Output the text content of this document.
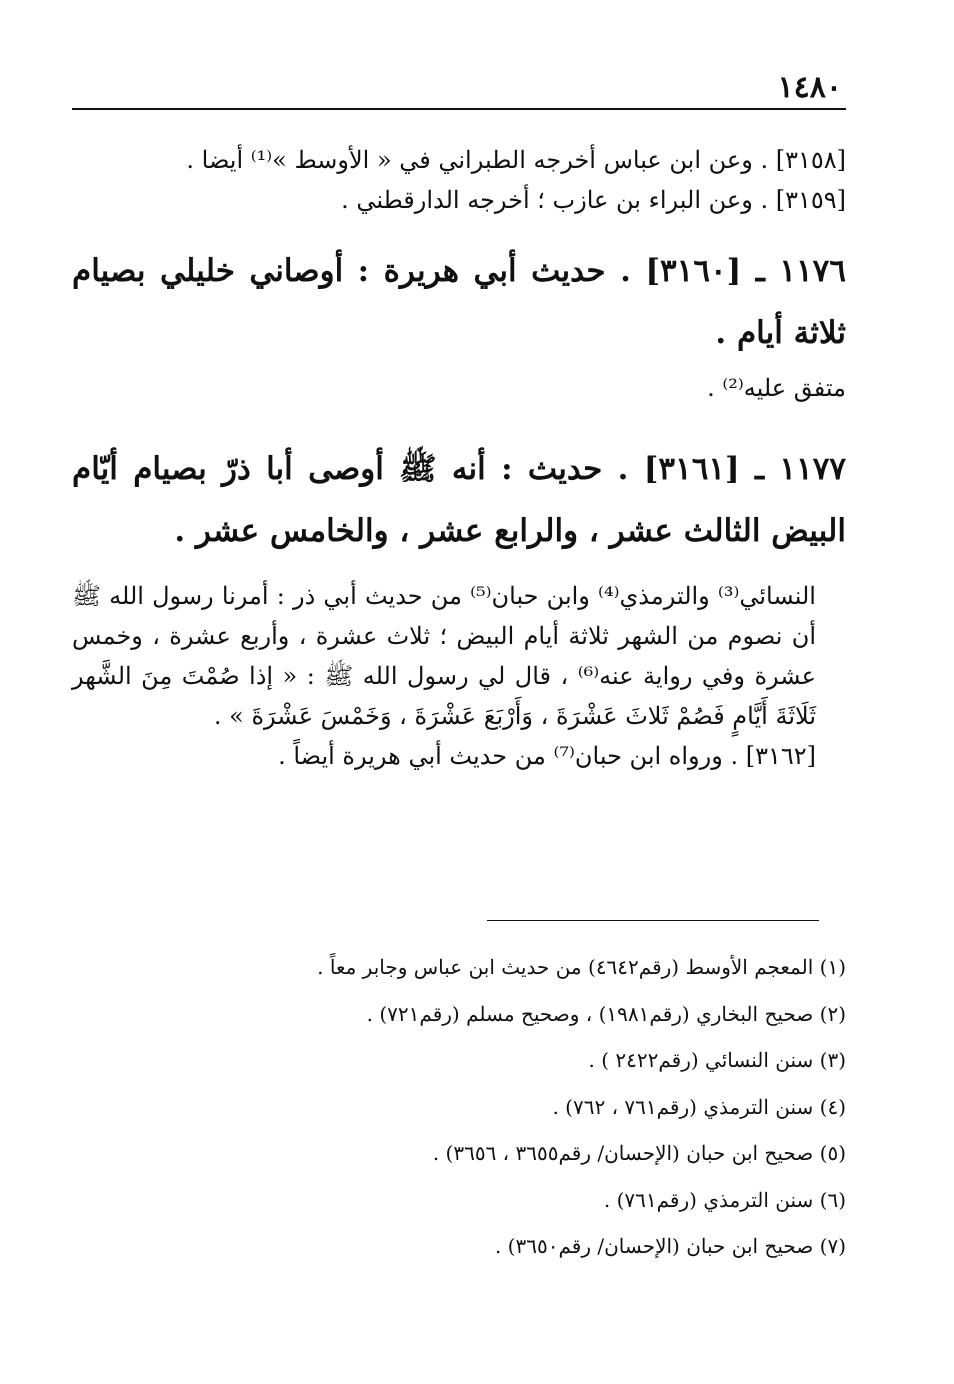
١٤٨٠
[٣١٥٨] . وعن ابن عباس أخرجه الطبراني في « الأوسط »⁽¹⁾ أيضا .
[٣١٥٩] . وعن البراء بن عازب ؛ أخرجه الدارقطني .
١١٧٦ ـ [٣١٦٠] . حديث أبي هريرة : أوصاني خليلي بصيام ثلاثة أيام .
متفق عليه⁽²⁾ .
١١٧٧ ـ [٣١٦١] . حديث : أنه ﷺ أوصى أبا ذرّ بصيام أيّام البيض الثالث عشر ، والرابع عشر ، والخامس عشر .
النسائي⁽³⁾ والترمذي⁽⁴⁾ وابن حبان⁽⁵⁾ من حديث أبي ذر : أمرنا رسول الله ﷺ أن نصوم من الشهر ثلاثة أيام البيض ؛ ثلاث عشرة ، وأربع عشرة ، وخمس عشرة وفي رواية عنه⁽⁶⁾ ، قال لي رسول الله ﷺ : « إذا صُمْتَ مِنَ الشَّهر ثَلَاثَةَ أَيَّامٍ فَصُمْ ثَلاثَ عَشْرَةَ ، وَأَرْبَعَ عَشْرَةَ ، وَخَمْسَ عَشْرَةَ » .
[٣١٦٢] . ورواه ابن حبان⁽⁷⁾ من حديث أبي هريرة أيضاً .
(١) المعجم الأوسط (رقم٤٦٤٢) من حديث ابن عباس وجابر معاً .
(٢) صحيح البخاري (رقم١٩٨١) ، وصحيح مسلم (رقم٧٢١) .
(٣) سنن النسائي (رقم٢٤٢٢ ) .
(٤) سنن الترمذي (رقم٧٦١ ، ٧٦٢) .
(٥) صحيح ابن حبان (الإحسان/ رقم٣٦٥٥ ، ٣٦٥٦) .
(٦) سنن الترمذي (رقم٧٦١) .
(٧) صحيح ابن حبان (الإحسان/ رقم٣٦٥٠) .
